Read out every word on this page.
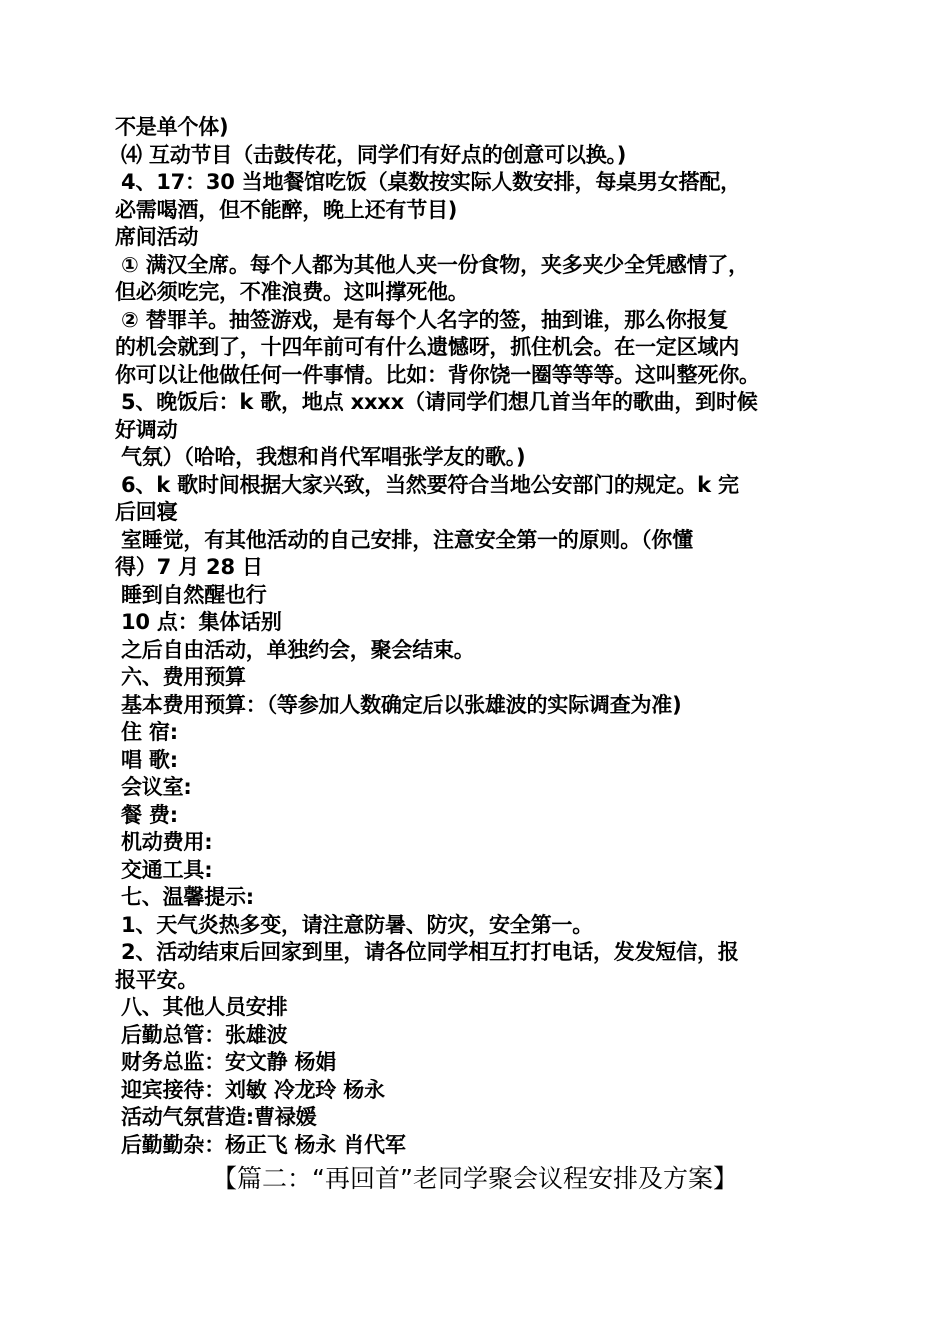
不是单个体)
⑷ 互动节目（击鼓传花，同学们有好点的创意可以换。)
4、17：30 当地餐馆吃饭（桌数按实际人数安排，每桌男女搭配，
必需喝酒，但不能醉，晚上还有节目)
席间活动
① 满汉全席。每个人都为其他人夹一份食物，夹多夹少全凭感情了，
但必须吃完，不准浪费。这叫撑死他。
② 替罪羊。抽签游戏，是有每个人名字的签，抽到谁，那么你报复
的机会就到了，十四年前可有什么遗憾呀，抓住机会。在一定区域内
你可以让他做任何一件事情。比如：背你饶一圈等等等。这叫整死你。
5、晚饭后：k 歌，地点 xxxx（请同学们想几首当年的歌曲，到时候
好调动
气氛）（哈哈，我想和肖代军唱张学友的歌。)
6、k 歌时间根据大家兴致，当然要符合当地公安部门的规定。k 完
后回寝
室睡觉，有其他活动的自己安排，注意安全第一的原则。（你懂
得）7 月 28 日
睡到自然醒也行
10 点：集体话别
之后自由活动，单独约会，聚会结束。
六、费用预算
基本费用预算：（等参加人数确定后以张雄波的实际调查为准)
住 宿:
唱 歌:
会议室:
餐 费:
机动费用:
交通工具:
七、温馨提示:
1、天气炎热多变，请注意防暑、防灾，安全第一。
2、活动结束后回家到里，请各位同学相互打打电话，发发短信，报
报平安。
八、其他人员安排
后勤总管：张雄波
财务总监：安文静 杨娟
迎宾接待：刘敏 冷龙玲 杨永
活动气氛营造:曹禄媛
后勤勤杂：杨正飞 杨永 肖代军
【篇二：“再回首”老同学聚会议程安排及方案】
